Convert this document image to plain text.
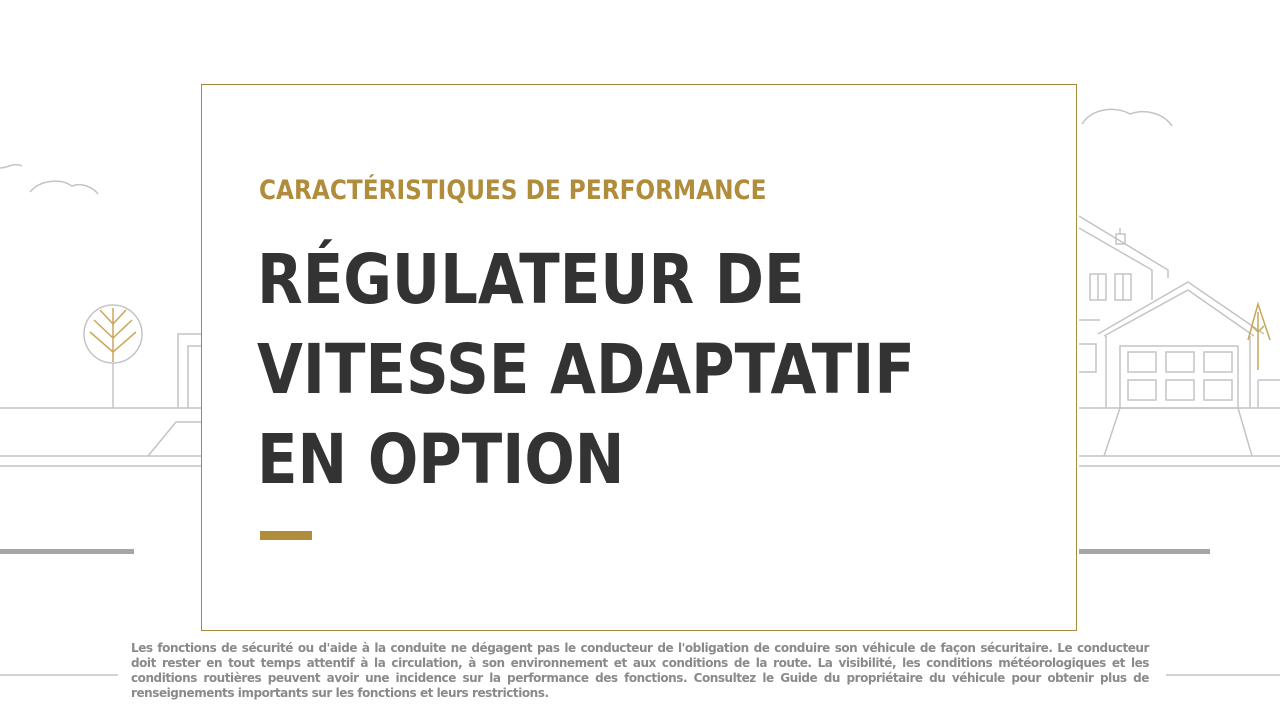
CARACTÉRISTIQUES DE PERFORMANCE
RÉGULATEUR DE
VITESSE ADAPTATIF
EN OPTION
Les fonctions de sécurité ou d'aide à la conduite ne dégagent pas le conducteur de l'obligation de conduire son véhicule de façon sécuritaire. Le conducteur doit rester en tout temps attentif à la circulation, à son environnement et aux conditions de la route. La visibilité, les conditions météorologiques et les conditions routières peuvent avoir une incidence sur la performance des fonctions. Consultez le Guide du propriétaire du véhicule pour obtenir plus de renseignements importants sur les fonctions et leurs restrictions.
